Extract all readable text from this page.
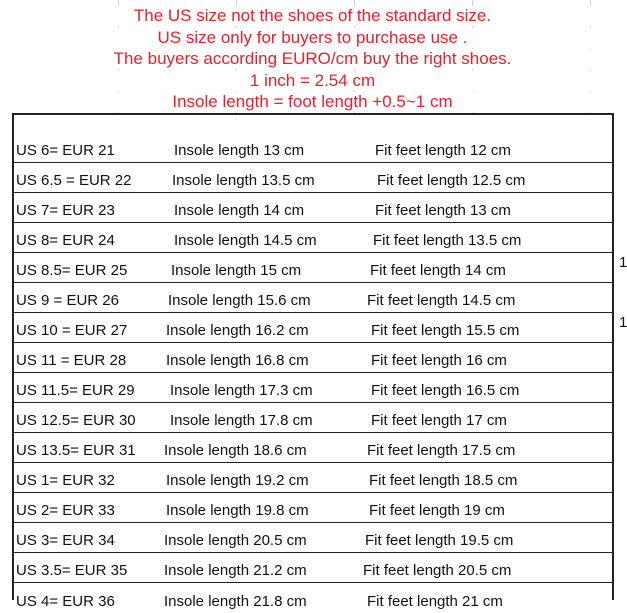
The US size not the shoes of the standard size.
US size only for buyers to purchase use .
The buyers according EURO/cm buy the right shoes.
1 inch = 2.54 cm
Insole length = foot length +0.5~1 cm
US 6= EUR 21	Insole length 13 cm	Fit feet length 12 cm
US 6.5 = EUR 22	Insole length 13.5 cm	Fit feet length 12.5 cm
US 7= EUR 23	Insole length 14 cm	Fit feet length 13 cm
US 8= EUR 24	Insole length 14.5 cm	Fit feet length 13.5 cm
US 8.5= EUR 25	Insole length 15 cm	Fit feet length 14 cm
US 9 = EUR 26	Insole length 15.6 cm	Fit feet length 14.5 cm
US 10 = EUR 27	Insole length 16.2 cm	Fit feet length 15.5 cm
US 11 = EUR 28	Insole length 16.8 cm	Fit feet length 16 cm
US 11.5= EUR 29 Insole length 17.3 cm	Fit feet length 16.5 cm
US 12.5= EUR 30 Insole length 17.8 cm	Fit feet length 17 cm
US 13.5= EUR 31 Insole length 18.6 cm	Fit feet length 17.5 cm
US 1= EUR 32	Insole length 19.2 cm	Fit feet length 18.5 cm
US 2= EUR 33	Insole length 19.8 cm	Fit feet length 19 cm
US 3= EUR 34	Insole length 20.5 cm	Fit feet length 19.5 cm
US 3.5= EUR 35 Insole length 21.2 cm	Fit feet length 20.5 cm
US 4= EUR 36	Insole length 21.8 cm	Fit feet length 21 cm
1
1
